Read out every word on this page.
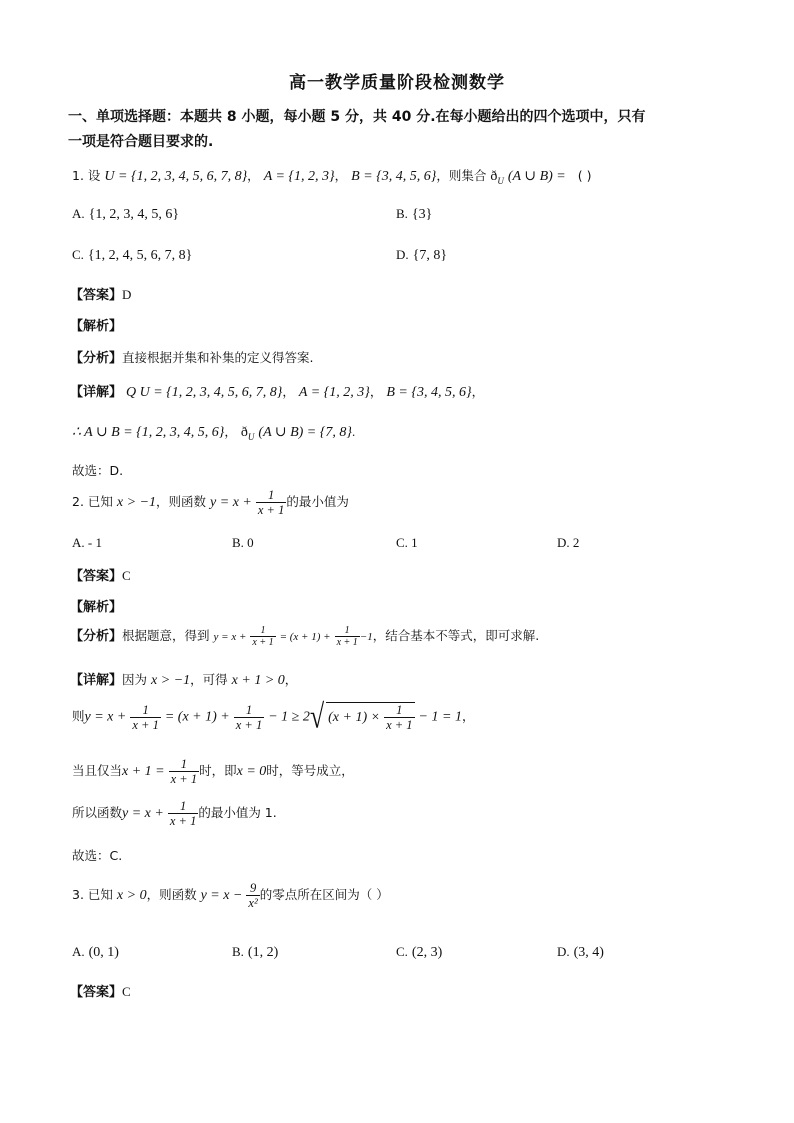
高一教学质量阶段检测数学
一、单项选择题：本题共 8 小题，每小题 5 分，共 40 分.在每小题给出的四个选项中，只有
一项是符合题目要求的.
1. 设 U = {1, 2, 3, 4, 5, 6, 7, 8}， A = {1, 2, 3}， B = {3, 4, 5, 6}，则集合 $ð_U$ (A ∪ B) = ( )
A. {1, 2, 3, 4, 5, 6}	B. {3}
C. {1, 2, 4, 5, 6, 7, 8}	D. {7, 8}
【答案】D
【解析】
【分析】直接根据并集和补集的定义得答案.
【详解】 Q U = {1, 2, 3, 4, 5, 6, 7, 8}， A = {1, 2, 3}， B = {3, 4, 5, 6}，
∴ A ∪ B = {1, 2, 3, 4, 5, 6}， $ð_U$ (A ∪ B) = {7, 8}.
故选：D.
2. 已知 x > −1，则函数 $y = x + \frac{1}{x + 1}$ 的最小值为
A. - 1	B. 0	C. 1	D. 2
【答案】C
【解析】
【分析】根据题意，得到 $y = x + \frac{1}{x + 1} = (x + 1) + \frac{1}{x + 1} -1$，结合基本不等式，即可求解.
【详解】因为 x > −1，可得 x + 1 > 0，
则$y = x + \frac{1}{x + 1} = (x + 1) + \frac{1}{x + 1} - 1 \ge 2√$ $(x + 1) \times \frac{1}{x + 1} - 1 = 1$，
当且仅当$x + 1 = \frac{1}{x + 1}$ 时，即x = 0时，等号成立，
所以函数$y = x + \frac{1}{x + 1}$ 的最小值为 1.
故选：C.
3. 已知 x > 0，则函数 $y = x - \frac{9}{\text{x²}}$ 的零点所在区间为（ ）
A. (0, 1)	B. (1, 2)	C. (2, 3)	D. (3, 4)
【答案】C
